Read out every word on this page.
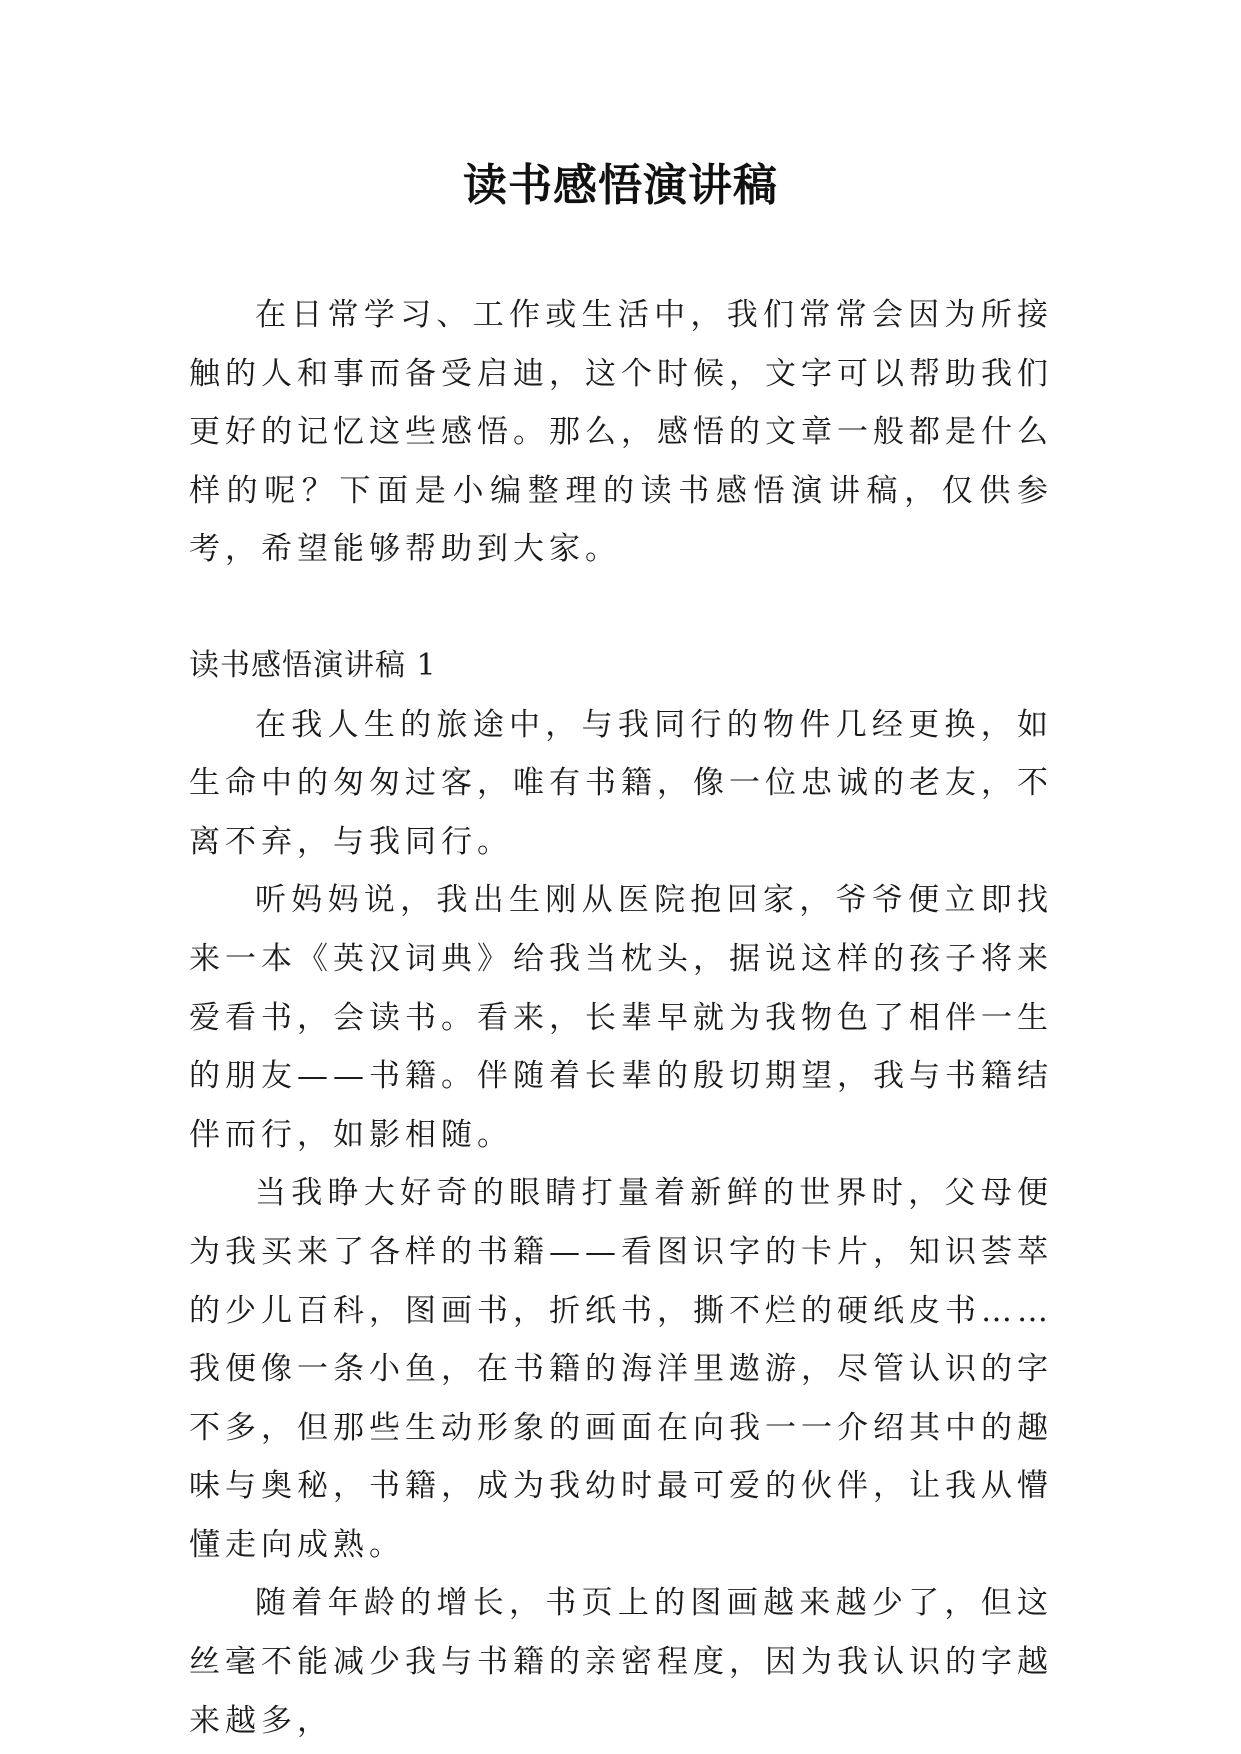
读书感悟演讲稿

在日常学习、工作或生活中，我们常常会因为所接触的人和事而备受启迪，这个时候，文字可以帮助我们更好的记忆这些感悟。那么，感悟的文章一般都是什么样的呢？下面是小编整理的读书感悟演讲稿，仅供参考，希望能够帮助到大家。

读书感悟演讲稿 1

在我人生的旅途中，与我同行的物件几经更换，如生命中的匆匆过客，唯有书籍，像一位忠诚的老友，不离不弃，与我同行。

听妈妈说，我出生刚从医院抱回家，爷爷便立即找来一本《英汉词典》给我当枕头，据说这样的孩子将来爱看书，会读书。看来，长辈早就为我物色了相伴一生的朋友——书籍。伴随着长辈的殷切期望，我与书籍结伴而行，如影相随。

当我睁大好奇的眼睛打量着新鲜的世界时，父母便为我买来了各样的书籍——看图识字的卡片，知识荟萃的少儿百科，图画书，折纸书，撕不烂的硬纸皮书……我便像一条小鱼，在书籍的海洋里遨游，尽管认识的字不多，但那些生动形象的画面在向我一一介绍其中的趣味与奥秘，书籍，成为我幼时最可爱的伙伴，让我从懵懂走向成熟。

随着年龄的增长，书页上的图画越来越少了，但这丝毫不能减少我与书籍的亲密程度，因为我认识的字越来越多，
